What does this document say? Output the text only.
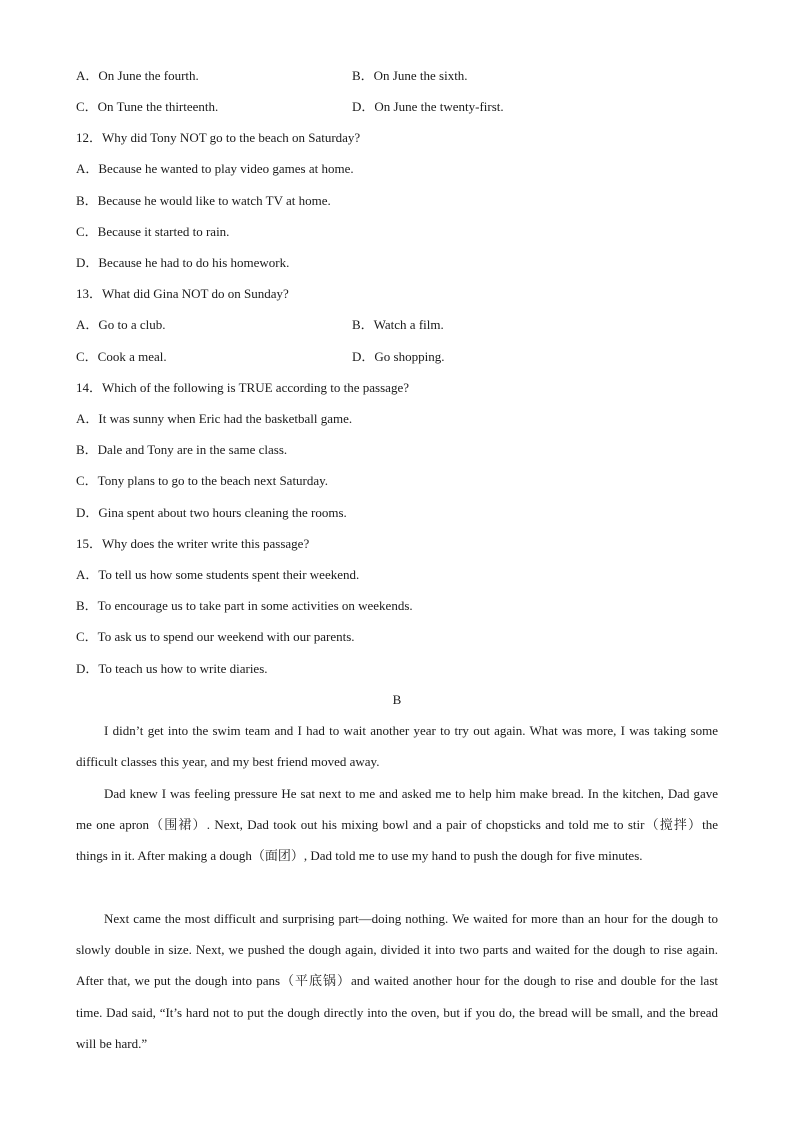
A．On June the fourth.	B．On June the sixth.
C．On Tune the thirteenth.	D．On June the twenty-first.
12．Why did Tony NOT go to the beach on Saturday?
A．Because he wanted to play video games at home.
B．Because he would like to watch TV at home.
C．Because it started to rain.
D．Because he had to do his homework.
13．What did Gina NOT do on Sunday?
A．Go to a club.	B．Watch a film.
C．Cook a meal.	D．Go shopping.
14．Which of the following is TRUE according to the passage?
A．It was sunny when Eric had the basketball game.
B．Dale and Tony are in the same class.
C．Tony plans to go to the beach next Saturday.
D．Gina spent about two hours cleaning the rooms.
15．Why does the writer write this passage?
A．To tell us how some students spent their weekend.
B．To encourage us to take part in some activities on weekends.
C．To ask us to spend our weekend with our parents.
D．To teach us how to write diaries.
B

I didn’t get into the swim team and I had to wait another year to try out again. What was more, I was taking some difficult classes this year, and my best friend moved away.

Dad knew I was feeling pressure He sat next to me and asked me to help him make bread. In the kitchen, Dad gave me one apron（围裙）. Next, Dad took out his mixing bowl and a pair of chopsticks and told me to stir（搅拌）the things in it. After making a dough（面团）, Dad told me to use my hand to push the dough for five minutes.

Next came the most difficult and surprising part—doing nothing. We waited for more than an hour for the dough to slowly double in size. Next, we pushed the dough again, divided it into two parts and waited for the dough to rise again. After that, we put the dough into pans（平底锅）and waited another hour for the dough to rise and double for the last time. Dad said, “It’s hard not to put the dough directly into the oven, but if you do, the bread will be small, and the bread will be hard.”
